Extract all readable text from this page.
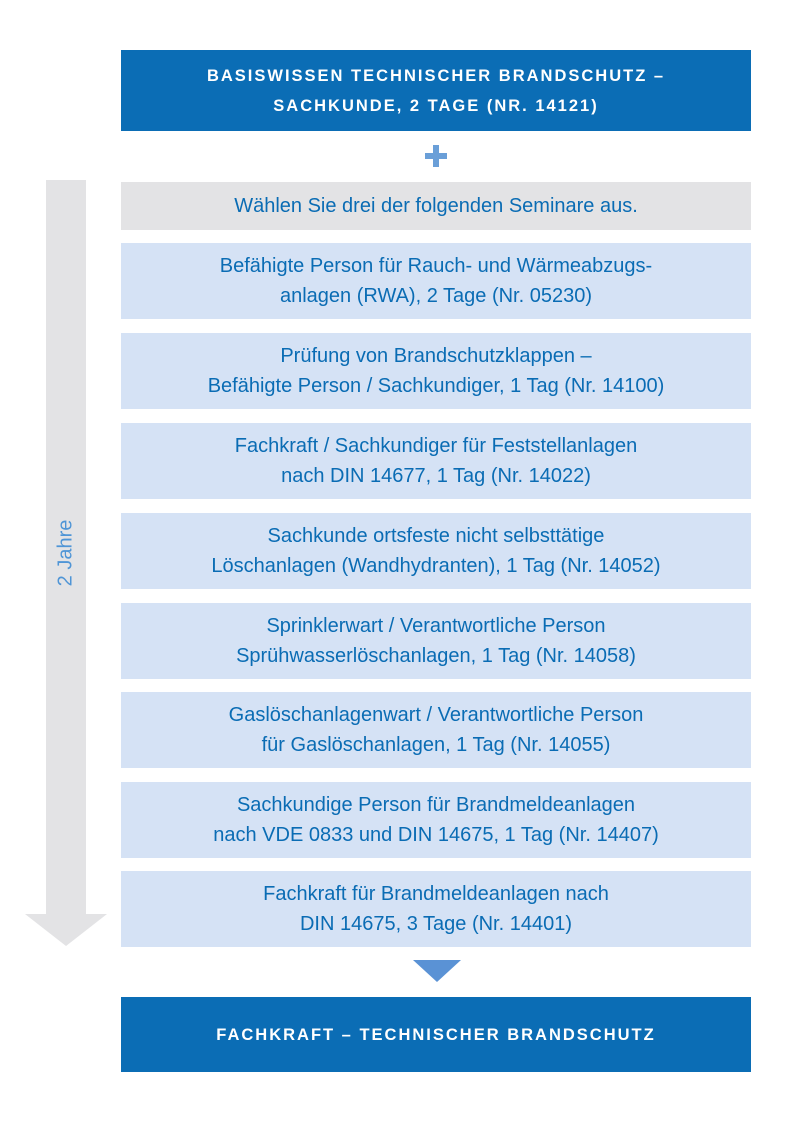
BASISWISSEN TECHNISCHER BRANDSCHUTZ –
SACHKUNDE, 2 TAGE (NR. 14121)
2 Jahre
Wählen Sie drei der folgenden Seminare aus.
Befähigte Person für Rauch- und Wärmeabzugs-
anlagen (RWA), 2 Tage (Nr. 05230)
Prüfung von Brandschutzklappen –
Befähigte Person / Sachkundiger, 1 Tag (Nr. 14100)
Fachkraft / Sachkundiger für Feststellanlagen
nach DIN 14677, 1 Tag (Nr. 14022)
Sachkunde ortsfeste nicht selbsttätige
Löschanlagen (Wandhydranten), 1 Tag (Nr. 14052)
Sprinklerwart / Verantwortliche Person
Sprühwasserlöschanlagen, 1 Tag (Nr. 14058)
Gaslöschanlagenwart / Verantwortliche Person
für Gaslöschanlagen, 1 Tag (Nr. 14055)
Sachkundige Person für Brandmeldeanlagen
nach VDE 0833 und DIN 14675, 1 Tag (Nr. 14407)
Fachkraft für Brandmeldeanlagen nach
DIN 14675, 3 Tage (Nr. 14401)
FACHKRAFT – TECHNISCHER BRANDSCHUTZ
